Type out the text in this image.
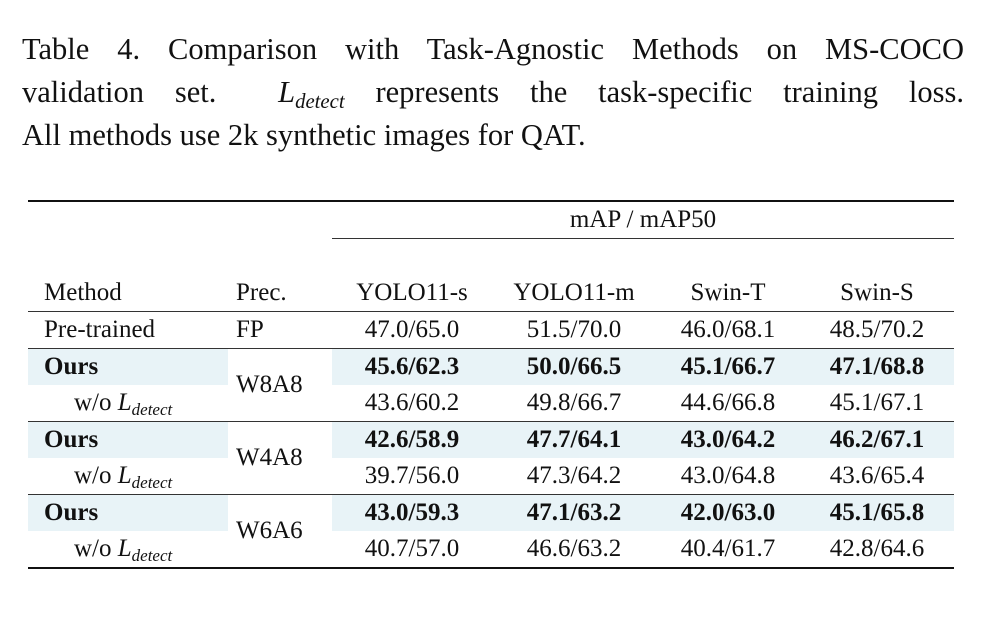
Table 4. Comparison with Task-Agnostic Methods on MS-COCO
validation set. $L_{detect}$ represents the task-specific training loss.
All methods use 2k synthetic images for QAT.

		mAP / mAP50			

Method	Prec.	YOLO11-s	YOLO11-m	Swin-T	Swin-S

Pre-trained	FP	47.0/65.0	51.5/70.0	46.0/68.1	48.5/70.2

Ours	W8A8	45.6/62.3	50.0/66.5	45.1/66.7	47.1/68.8
w/o $L_{detect}$		43.6/60.2	49.8/66.7	44.6/66.8	45.1/67.1

Ours	W4A8	42.6/58.9	47.7/64.1	43.0/64.2	46.2/67.1
w/o $L_{detect}$		39.7/56.0	47.3/64.2	43.0/64.8	43.6/65.4

Ours	W6A6	43.0/59.3	47.1/63.2	42.0/63.0	45.1/65.8
w/o $L_{detect}$		40.7/57.0	46.6/63.2	40.4/61.7	42.8/64.6
